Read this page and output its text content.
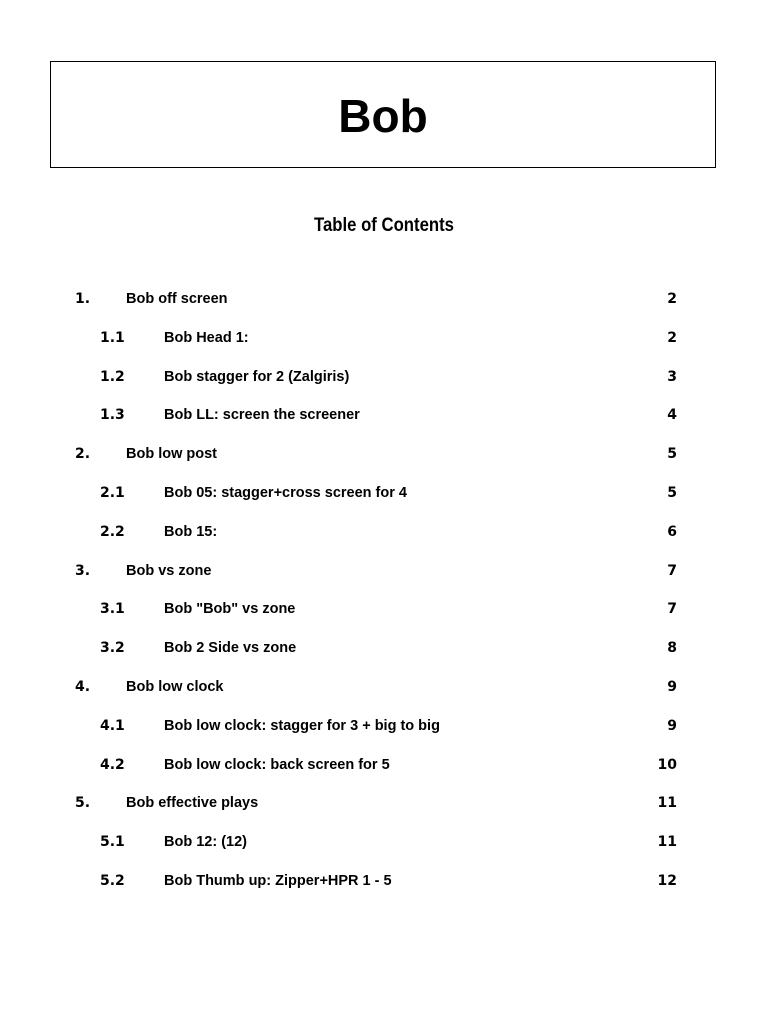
Bob
Table of Contents
1. Bob off screen	2
1.1	Bob Head 1:	2
1.2	Bob stagger for 2 (Zalgiris)	3
1.3	Bob LL: screen the screener	4
2. Bob low post	5
2.1	Bob 05: stagger+cross screen for 4	5
2.2	Bob 15:	6
3. Bob vs zone	7
3.1	Bob "Bob" vs zone	7
3.2	Bob 2 Side vs zone	8
4. Bob low clock	9
4.1	Bob low clock: stagger for 3 + big to big	9
4.2	Bob low clock: back screen for 5	10
5. Bob effective plays	11
5.1	Bob 12: (12)	11
5.2	Bob Thumb up: Zipper+HPR 1 - 5	12
